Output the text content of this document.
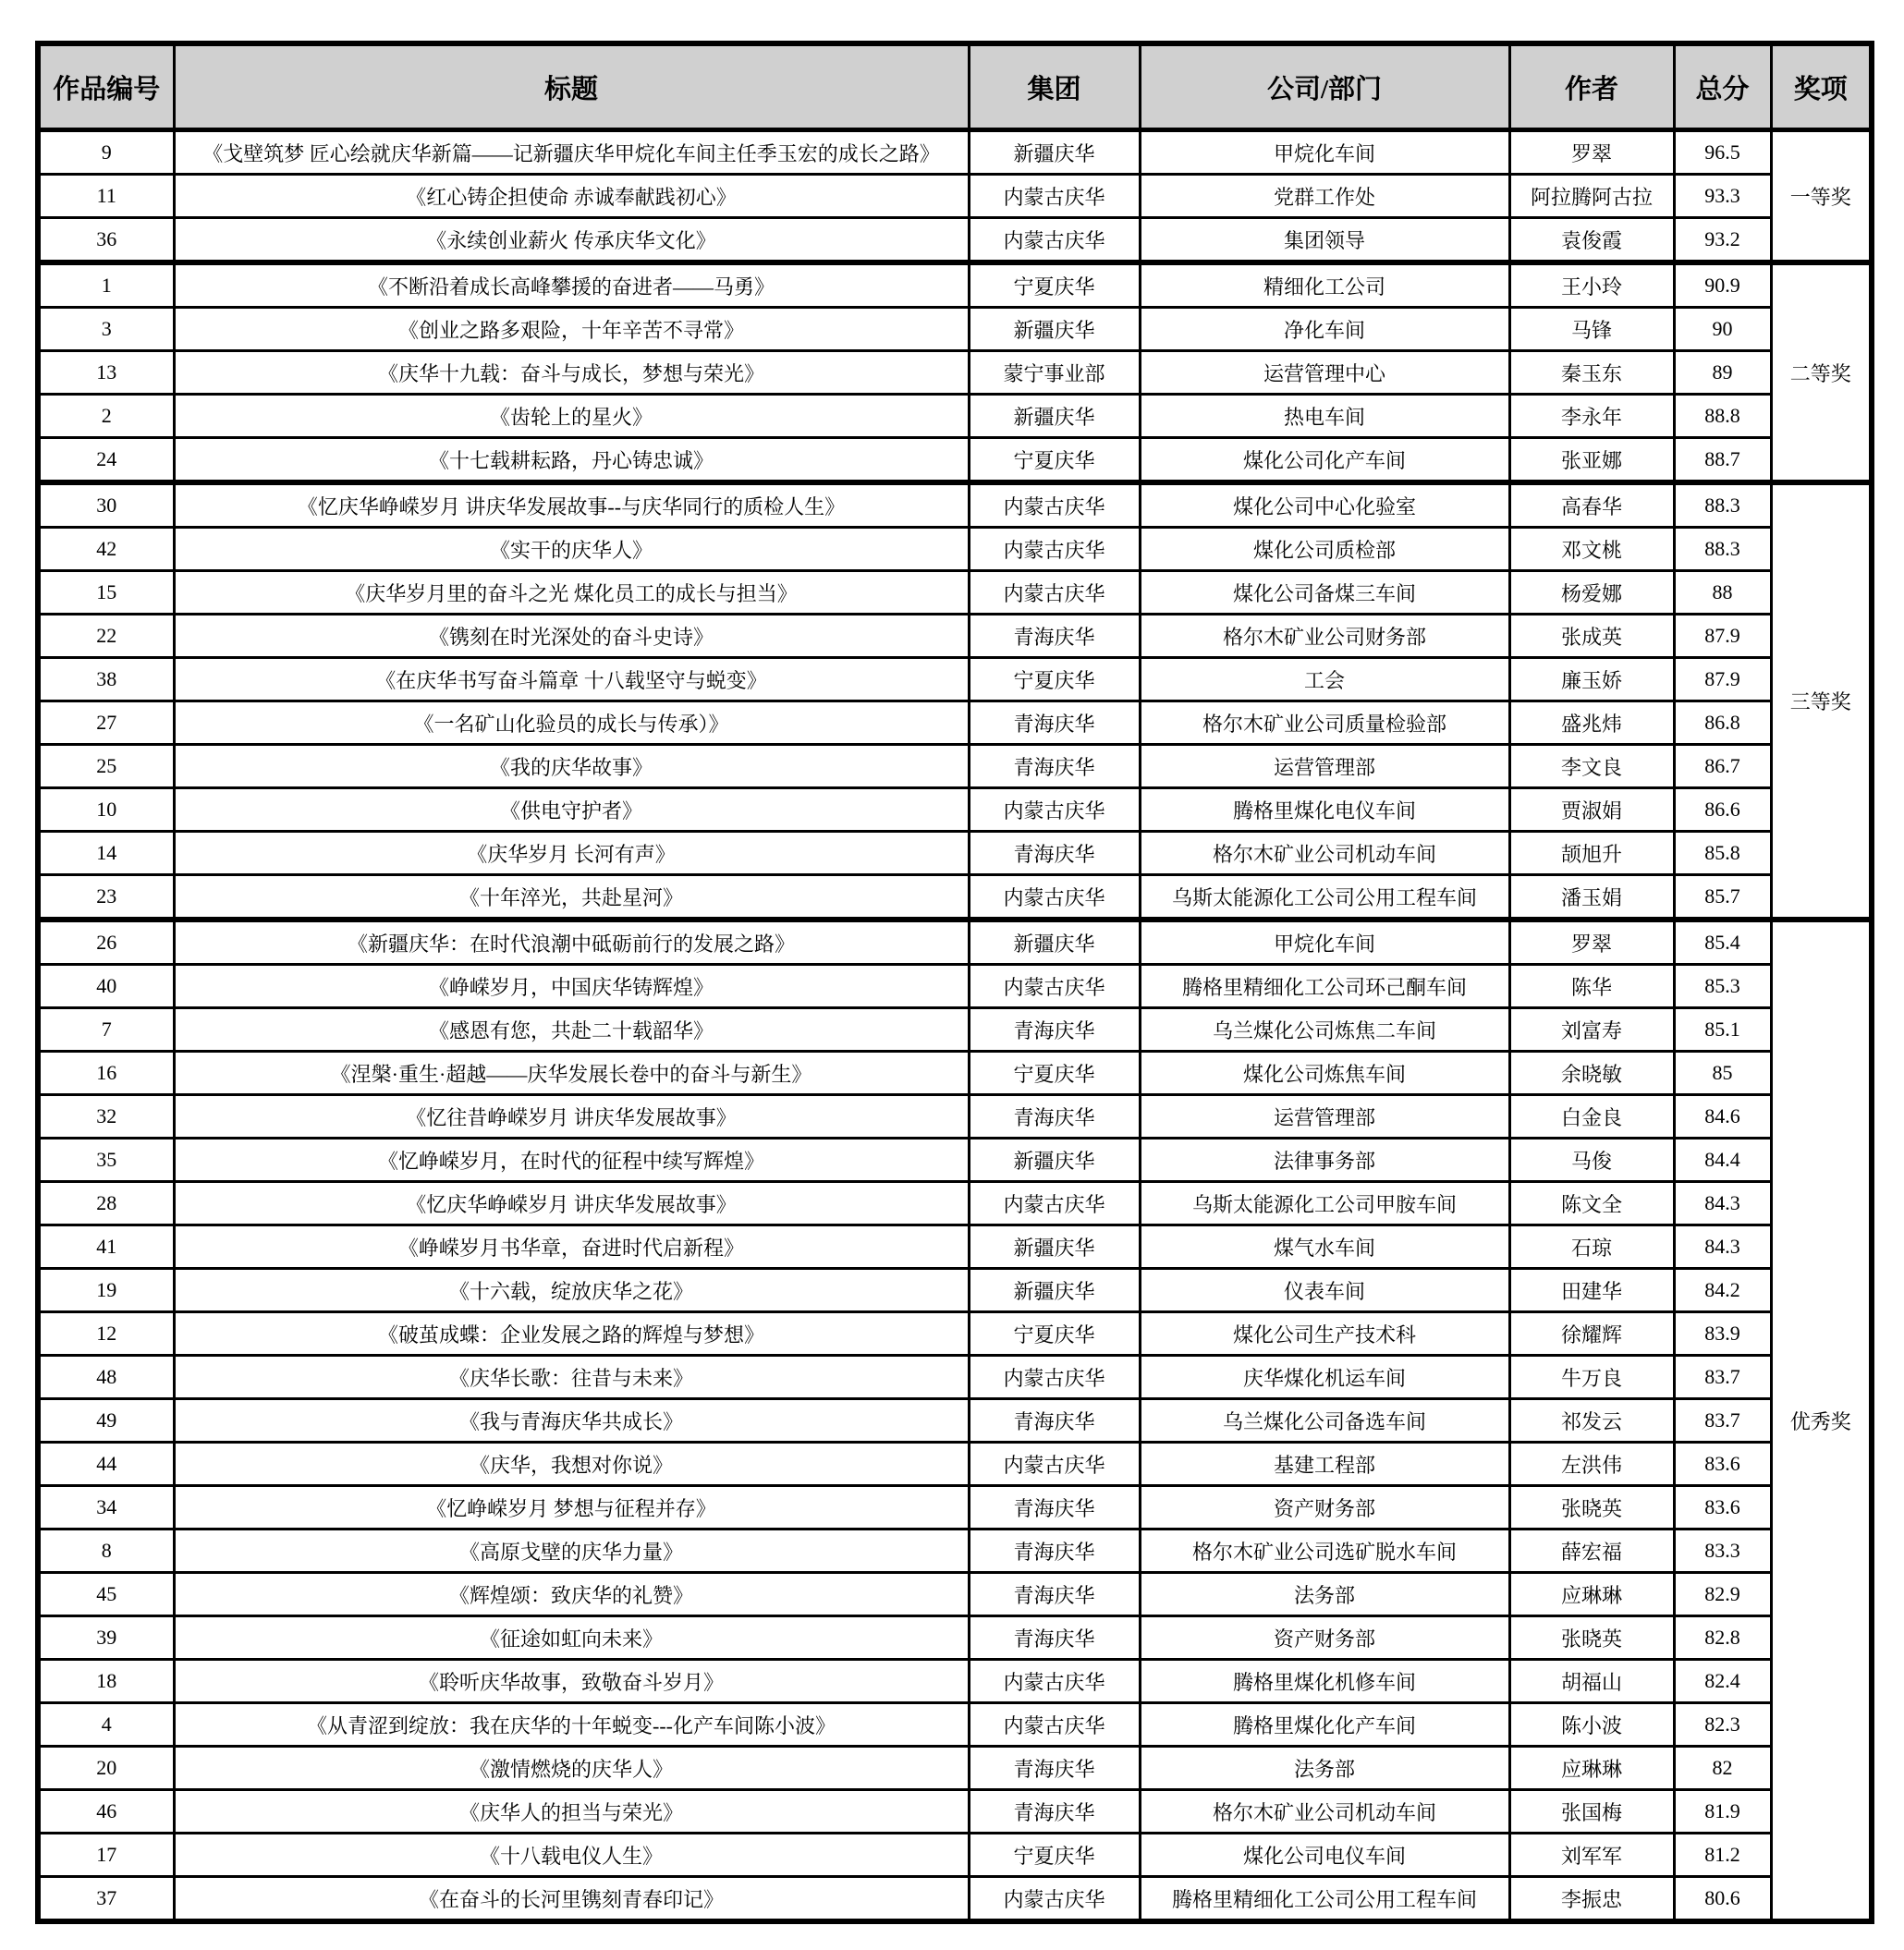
作品编号	标题	集团	公司/部门	作者	总分	奖项
9	《戈壁筑梦 匠心绘就庆华新篇——记新疆庆华甲烷化车间主任季玉宏的成长之路》	新疆庆华	甲烷化车间	罗翠	96.5	一等奖
11	《红心铸企担使命 赤诚奉献践初心》	内蒙古庆华	党群工作处	阿拉腾阿古拉	93.3	
36	《永续创业薪火 传承庆华文化》	内蒙古庆华	集团领导	袁俊霞	93.2	
1	《不断沿着成长高峰攀援的奋进者——马勇》	宁夏庆华	精细化工公司	王小玲	90.9	二等奖
3	《创业之路多艰险，十年辛苦不寻常》	新疆庆华	净化车间	马锋	90	
13	《庆华十九载：奋斗与成长，梦想与荣光》	蒙宁事业部	运营管理中心	秦玉东	89	
2	《齿轮上的星火》	新疆庆华	热电车间	李永年	88.8	
24	《十七载耕耘路，丹心铸忠诚》	宁夏庆华	煤化公司化产车间	张亚娜	88.7	
30	《忆庆华峥嵘岁月 讲庆华发展故事--与庆华同行的质检人生》	内蒙古庆华	煤化公司中心化验室	高春华	88.3	三等奖
42	《实干的庆华人》	内蒙古庆华	煤化公司质检部	邓文桃	88.3	
15	《庆华岁月里的奋斗之光 煤化员工的成长与担当》	内蒙古庆华	煤化公司备煤三车间	杨爱娜	88	
22	《镌刻在时光深处的奋斗史诗》	青海庆华	格尔木矿业公司财务部	张成英	87.9	
38	《在庆华书写奋斗篇章 十八载坚守与蜕变》	宁夏庆华	工会	廉玉娇	87.9	
27	《一名矿山化验员的成长与传承）》	青海庆华	格尔木矿业公司质量检验部	盛兆炜	86.8	
25	《我的庆华故事》	青海庆华	运营管理部	李文良	86.7	
10	《供电守护者》	内蒙古庆华	腾格里煤化电仪车间	贾淑娟	86.6	
14	《庆华岁月 长河有声》	青海庆华	格尔木矿业公司机动车间	颉旭升	85.8	
23	《十年淬光，共赴星河》	内蒙古庆华	乌斯太能源化工公司公用工程车间	潘玉娟	85.7	
26	《新疆庆华：在时代浪潮中砥砺前行的发展之路》	新疆庆华	甲烷化车间	罗翠	85.4	优秀奖
40	《峥嵘岁月，中国庆华铸辉煌》	内蒙古庆华	腾格里精细化工公司环己酮车间	陈华	85.3	
7	《感恩有您，共赴二十载韶华》	青海庆华	乌兰煤化公司炼焦二车间	刘富寿	85.1	
16	《涅槃·重生·超越——庆华发展长卷中的奋斗与新生》	宁夏庆华	煤化公司炼焦车间	余晓敏	85	
32	《忆往昔峥嵘岁月 讲庆华发展故事》	青海庆华	运营管理部	白金良	84.6	
35	《忆峥嵘岁月，在时代的征程中续写辉煌》	新疆庆华	法律事务部	马俊	84.4	
28	《忆庆华峥嵘岁月 讲庆华发展故事》	内蒙古庆华	乌斯太能源化工公司甲胺车间	陈文全	84.3	
41	《峥嵘岁月书华章，奋进时代启新程》	新疆庆华	煤气水车间	石琼	84.3	
19	《十六载，绽放庆华之花》	新疆庆华	仪表车间	田建华	84.2	
12	《破茧成蝶：企业发展之路的辉煌与梦想》	宁夏庆华	煤化公司生产技术科	徐耀辉	83.9	
48	《庆华长歌：往昔与未来》	内蒙古庆华	庆华煤化机运车间	牛万良	83.7	
49	《我与青海庆华共成长》	青海庆华	乌兰煤化公司备选车间	祁发云	83.7	
44	《庆华，我想对你说》	内蒙古庆华	基建工程部	左洪伟	83.6	
34	《忆峥嵘岁月 梦想与征程并存》	青海庆华	资产财务部	张晓英	83.6	
8	《高原戈壁的庆华力量》	青海庆华	格尔木矿业公司选矿脱水车间	薛宏福	83.3	
45	《辉煌颂：致庆华的礼赞》	青海庆华	法务部	应琳琳	82.9	
39	《征途如虹向未来》	青海庆华	资产财务部	张晓英	82.8	
18	《聆听庆华故事，致敬奋斗岁月》	内蒙古庆华	腾格里煤化机修车间	胡福山	82.4	
4	《从青涩到绽放：我在庆华的十年蜕变---化产车间陈小波》	内蒙古庆华	腾格里煤化化产车间	陈小波	82.3	
20	《激情燃烧的庆华人》	青海庆华	法务部	应琳琳	82	
46	《庆华人的担当与荣光》	青海庆华	格尔木矿业公司机动车间	张国梅	81.9	
17	《十八载电仪人生》	宁夏庆华	煤化公司电仪车间	刘军军	81.2	
37	《在奋斗的长河里镌刻青春印记》	内蒙古庆华	腾格里精细化工公司公用工程车间	李振忠	80.6	
